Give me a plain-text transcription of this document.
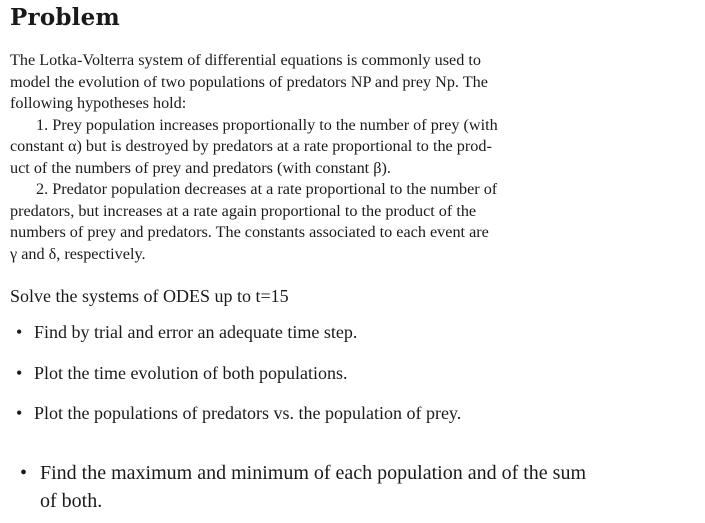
Problem
The Lotka-Volterra system of differential equations is commonly used to
model the evolution of two populations of predators NP and prey Np. The
following hypotheses hold:
1. Prey population increases proportionally to the number of prey (with
constant α) but is destroyed by predators at a rate proportional to the prod-
uct of the numbers of prey and predators (with constant β).
2. Predator population decreases at a rate proportional to the number of
predators, but increases at a rate again proportional to the product of the
numbers of prey and predators. The constants associated to each event are
γ and δ, respectively.
Solve the systems of ODES up to t=15
• Find by trial and error an adequate time step.
• Plot the time evolution of both populations.
• Plot the populations of predators vs. the population of prey.
• Find the maximum and minimum of each population and of the sum
of both.
